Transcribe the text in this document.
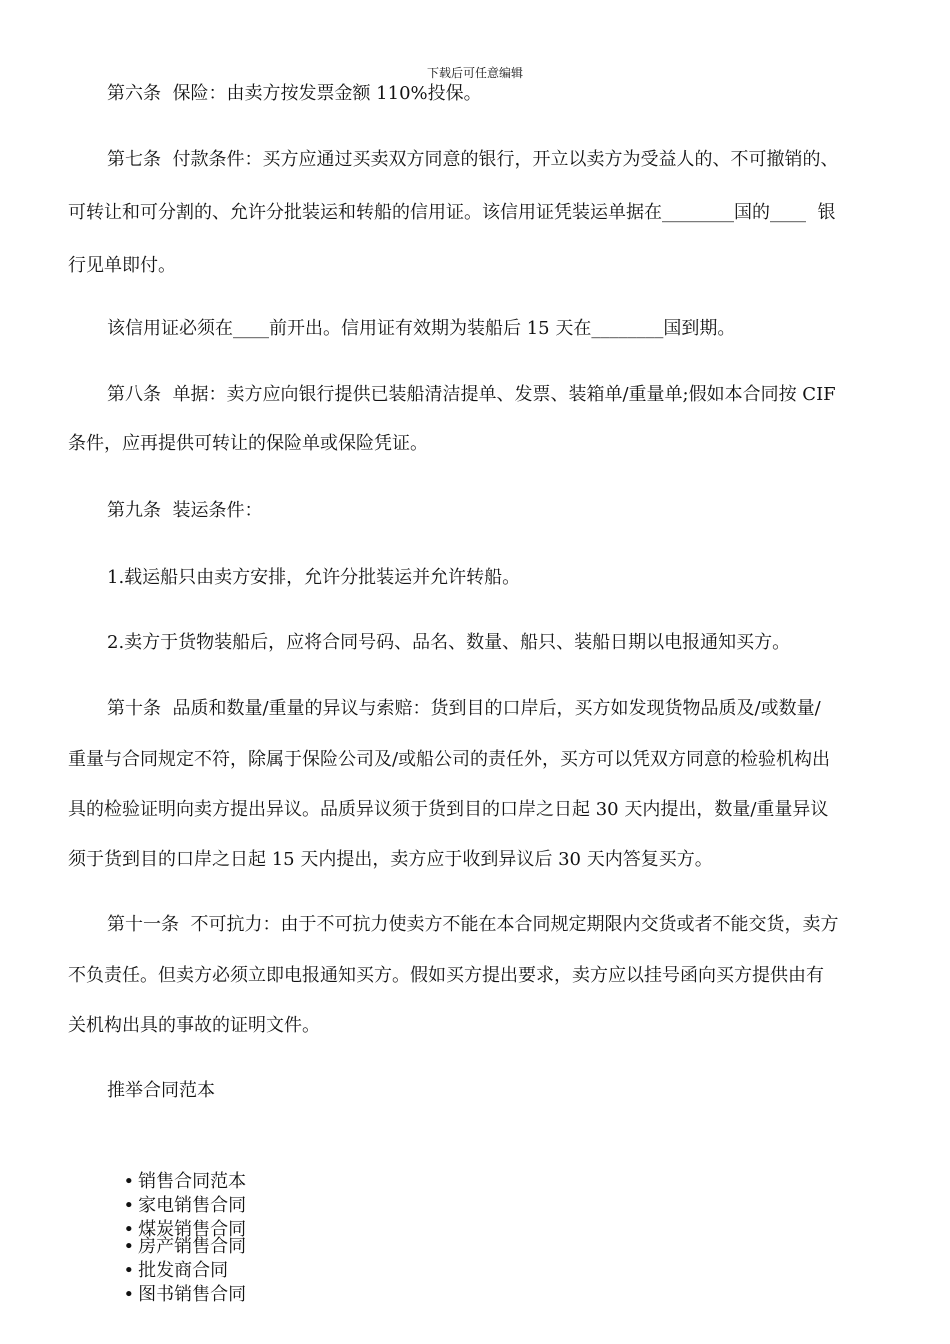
下载后可任意编辑
第六条  保险：由卖方按发票金额 110%投保。
第七条  付款条件：买方应通过买卖双方同意的银行，开立以卖方为受益人的、不可撤销的、
可转让和可分割的、允许分批装运和转船的信用证。该信用证凭装运单据在________国的____  银
行见单即付。
该信用证必须在____前开出。信用证有效期为装船后 15 天在________国到期。
第八条  单据：卖方应向银行提供已装船清洁提单、发票、装箱单/重量单;假如本合同按 CIF
条件，应再提供可转让的保险单或保险凭证。
第九条  装运条件：
1.载运船只由卖方安排，允许分批装运并允许转船。
2.卖方于货物装船后，应将合同号码、品名、数量、船只、装船日期以电报通知买方。
第十条  品质和数量/重量的异议与索赔：货到目的口岸后，买方如发现货物品质及/或数量/
重量与合同规定不符，除属于保险公司及/或船公司的责任外，买方可以凭双方同意的检验机构出
具的检验证明向卖方提出异议。品质异议须于货到目的口岸之日起 30 天内提出，数量/重量异议
须于货到目的口岸之日起 15 天内提出，卖方应于收到异议后 30 天内答复买方。
第十一条  不可抗力：由于不可抗力使卖方不能在本合同规定期限内交货或者不能交货，卖方
不负责任。但卖方必须立即电报通知买方。假如买方提出要求，卖方应以挂号函向买方提供由有
关机构出具的事故的证明文件。
推举合同范本

• 销售合同范本
• 家电销售合同
• 煤炭销售合同

• 房产销售合同
• 批发商合同
• 图书销售合同
